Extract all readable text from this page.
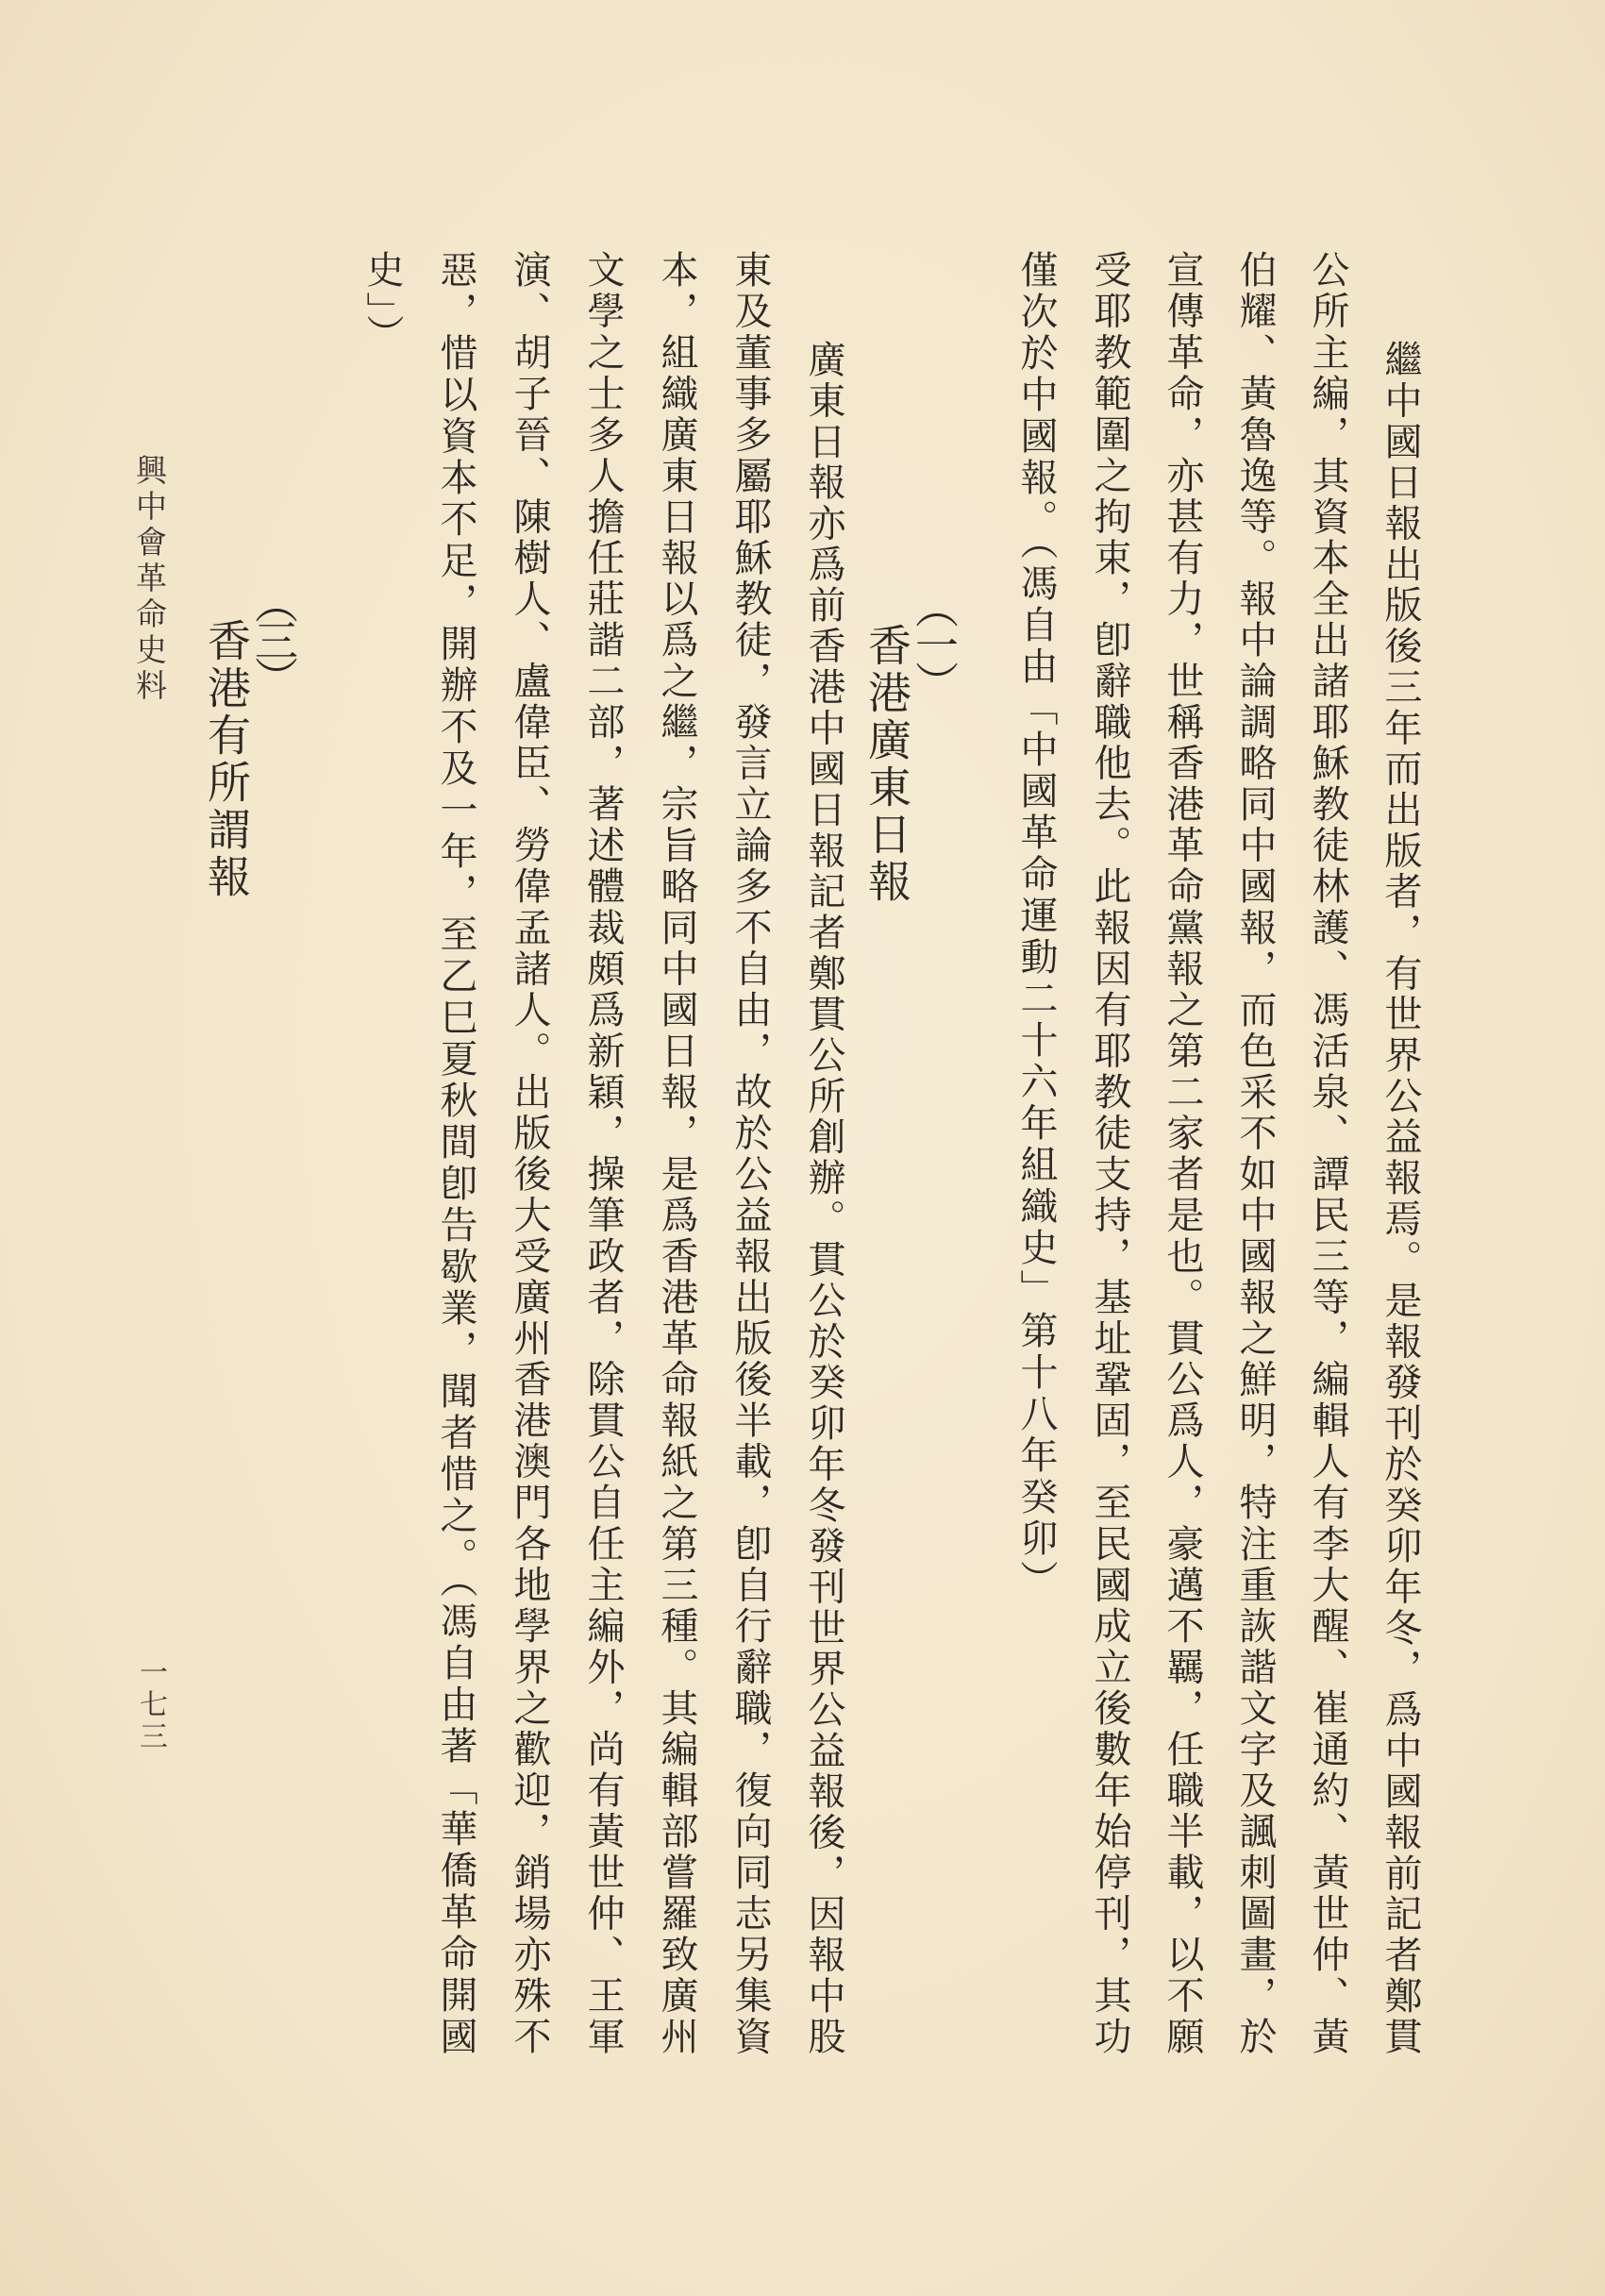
繼中國日報出版後三年而出版者，有世界公益報焉。是報發刊於癸卯年冬，爲中國報前記者鄭貫
公所主編，其資本全出諸耶穌教徒林護、馮活泉、譚民三等，編輯人有李大醒、崔通約、黃世仲、黃
伯耀、黃魯逸等。報中論調略同中國報，而色采不如中國報之鮮明，特注重詼諧文字及諷刺圖畫，於
宣傳革命，亦甚有力，世稱香港革命黨報之第二家者是也。貫公爲人，豪邁不羈，任職半載，以不願
受耶教範圍之拘束，卽辭職他去。此報因有耶教徒支持，基址鞏固，至民國成立後數年始停刊，其功
僅次於中國報。（馮自由「中國革命運動二十六年組織史」第十八年癸卯）
（一）
香港廣東日報
廣東日報亦爲前香港中國日報記者鄭貫公所創辦。貫公於癸卯年冬發刊世界公益報後，因報中股
東及董事多屬耶穌教徒，發言立論多不自由，故於公益報出版後半載，卽自行辭職，復向同志另集資
本，組織廣東日報以爲之繼，宗旨略同中國日報，是爲香港革命報紙之第三種。其編輯部嘗羅致廣州
文學之士多人擔任莊諧二部，著述體裁頗爲新穎，操筆政者，除貫公自任主編外，尚有黃世仲、王軍
演、胡子晉、陳樹人、盧偉臣、勞偉孟諸人。出版後大受廣州香港澳門各地學界之歡迎，銷場亦殊不
惡，惜以資本不足，開辦不及一年，至乙巳夏秋間卽告歇業，聞者惜之。（馮自由著「華僑革命開國
史」）
（三）
香港有所謂報
興中會革命史料
一七三
